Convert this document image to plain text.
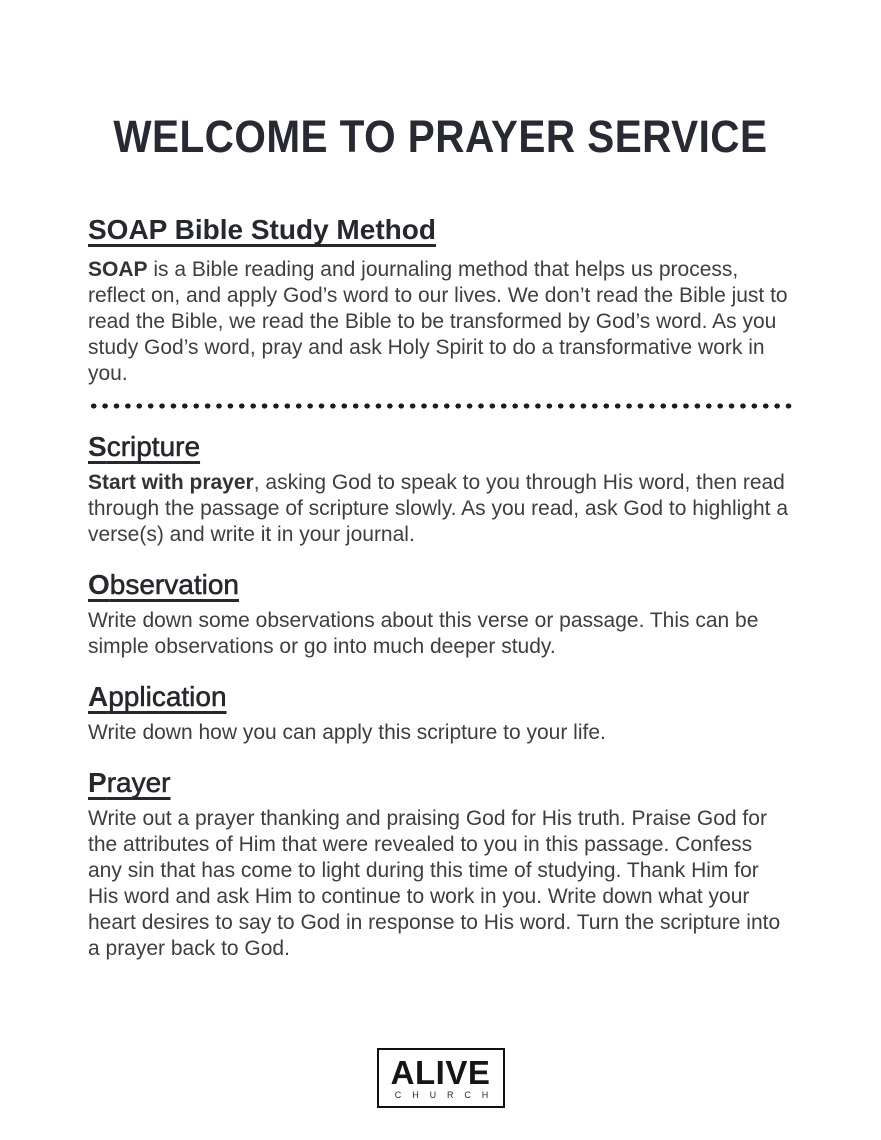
WELCOME TO PRAYER SERVICE
SOAP Bible Study Method

SOAP is a Bible reading and journaling method that helps us process, reflect on, and apply God’s word to our lives. We don’t read the Bible just to read the Bible, we read the Bible to be transformed by God’s word. As you study God’s word, pray and ask Holy Spirit to do a transformative work in you.

Scripture

Start with prayer, asking God to speak to you through His word, then read through the passage of scripture slowly. As you read, ask God to highlight a verse(s) and write it in your journal.

Observation

Write down some observations about this verse or passage. This can be simple observations or go into much deeper study.

Application

Write down how you can apply this scripture to your life.

Prayer

Write out a prayer thanking and praising God for His truth. Praise God for the attributes of Him that were revealed to you in this passage. Confess any sin that has come to light during this time of studying. Thank Him for His word and ask Him to continue to work in you. Write down what your heart desires to say to God in response to His word. Turn the scripture into a prayer back to God.

ALIVE
C H U R C H
